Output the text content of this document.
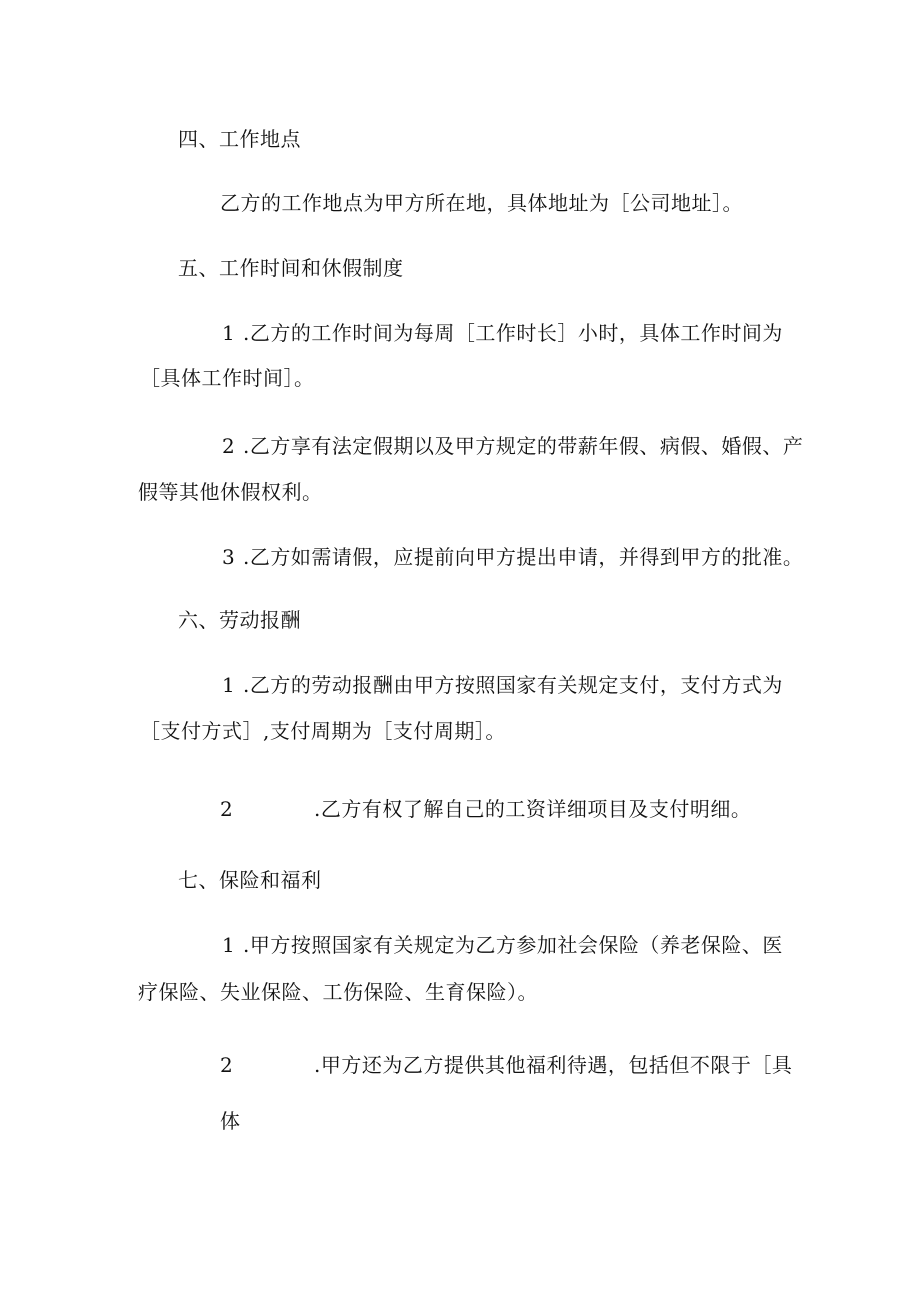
四、工作地点
乙方的工作地点为甲方所在地，具体地址为［公司地址］。
五、工作时间和休假制度
1 .乙方的工作时间为每周［工作时长］小时，具体工作时间为
［具体工作时间］。
2 .乙方享有法定假期以及甲方规定的带薪年假、病假、婚假、产
假等其他休假权利。
3 .乙方如需请假，应提前向甲方提出申请，并得到甲方的批准。
六、劳动报酬
1 .乙方的劳动报酬由甲方按照国家有关规定支付，支付方式为
［支付方式］,支付周期为［支付周期］。
2	.乙方有权了解自己的工资详细项目及支付明细。
七、保险和福利
1 .甲方按照国家有关规定为乙方参加社会保险（养老保险、医
疗保险、失业保险、工伤保险、生育保险）。
2	.甲方还为乙方提供其他福利待遇，包括但不限于［具
体
